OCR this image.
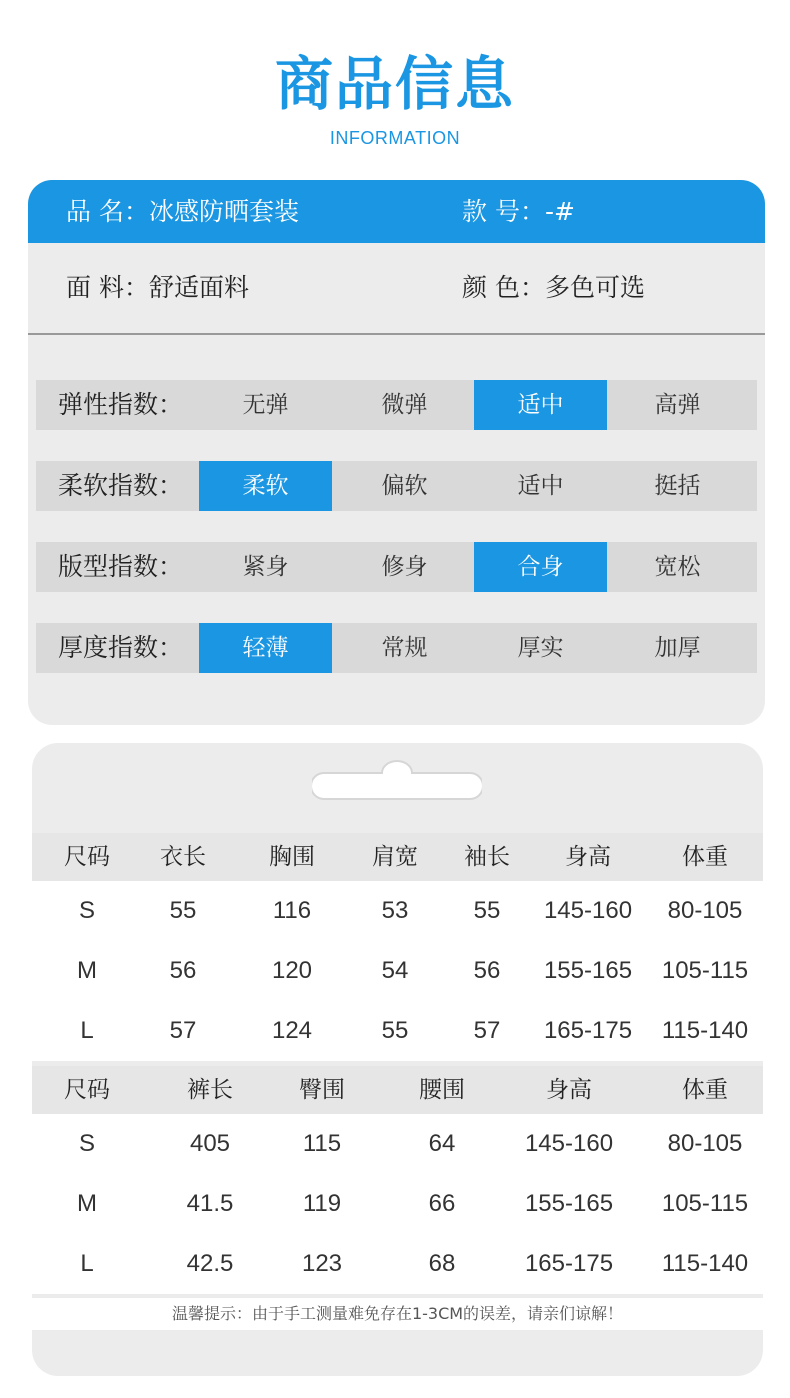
商品信息
INFORMATION
品 名：冰感防晒套装	款 号：-#
面 料：舒适面料	颜 色：多色可选
弹性指数：	无弹	微弹	适中	高弹
柔软指数：	柔软	偏软	适中	挺括
版型指数：	紧身	修身	合身	宽松
厚度指数：	轻薄	常规	厚实	加厚
尺码 衣长	胸围 肩宽 袖长 身高	体重
S	55	116	53	55 145-160 80-105
M	56	120	54	56 155-165 105-115
L	57	124	55	57 165-175 115-140
尺码	裤长	臀围	腰围	身高	体重
S	405	115	64	145-160 80-105
M	41.5	119	66	155-165 105-115
L	42.5	123	68	165-175 115-140
温馨提示：由于手工测量难免存在1-3CM的误差，请亲们谅解！
